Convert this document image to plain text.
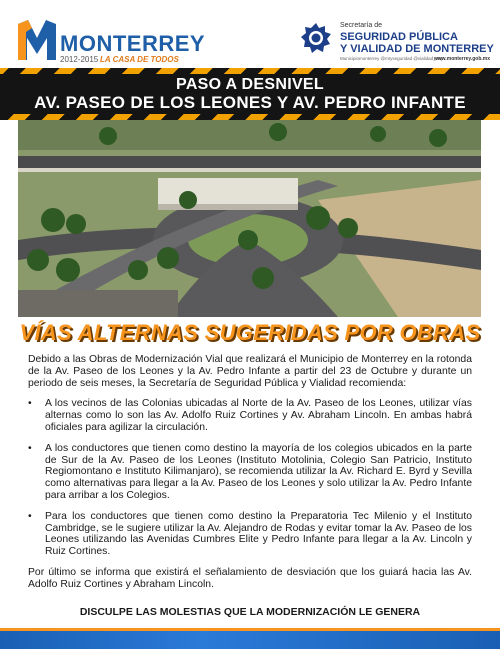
MONTERREY
2012-2015 LA CASA DE TODOS
Secretaría de
SEGURIDAD PÚBLICA
Y VIALIDAD DE MONTERREY
Municipiomonterrey @mtyseguridad @vialidad_mty
www.monterrey.gob.mx
PASO A DESNIVEL
AV. PASEO DE LOS LEONES Y AV. PEDRO INFANTE
VÍAS ALTERNAS SUGERIDAS POR OBRAS

Debido a las Obras de Modernización Vial que realizará el Municipio de Monterrey en la rotonda de la Av. Paseo de los Leones y la Av. Pedro Infante a partir del 23 de Octubre y durante un periodo de seis meses, la Secretaría de Seguridad Pública y Vialidad recomienda:

• A los vecinos de las Colonias ubicadas al Norte de la Av. Paseo de los Leones, utilizar vías alternas como lo son las Av. Adolfo Ruiz Cortines y Av. Abraham Lincoln. En ambas habrá oficiales para agilizar la circulación.
• A los conductores que tienen como destino la mayoría de los colegios ubicados en la parte de Sur de la Av. Paseo de los Leones (Instituto Motolinia, Colegio San Patricio, Instituto Regiomontano e Instituto Kilimanjaro), se recomienda utilizar la Av. Richard E. Byrd y Sevilla como alternativas para llegar a la Av. Paseo de los Leones y solo utilizar la Av. Pedro Infante para arribar a los Colegios.
• Para los conductores que tienen como destino la Preparatoria Tec Milenio y el Instituto Cambridge, se le sugiere utilizar la Av. Alejandro de Rodas y evitar tomar la Av. Paseo de los Leones utilizando las Avenidas Cumbres Elite y Pedro Infante para llegar a la Av. Lincoln y Ruiz Cortines.

Por último se informa que existirá el señalamiento de desviación que los guiará hacia las Av. Adolfo Ruiz Cortines y Abraham Lincoln.

DISCULPE LAS MOLESTIAS QUE LA MODERNIZACIÓN LE GENERA
